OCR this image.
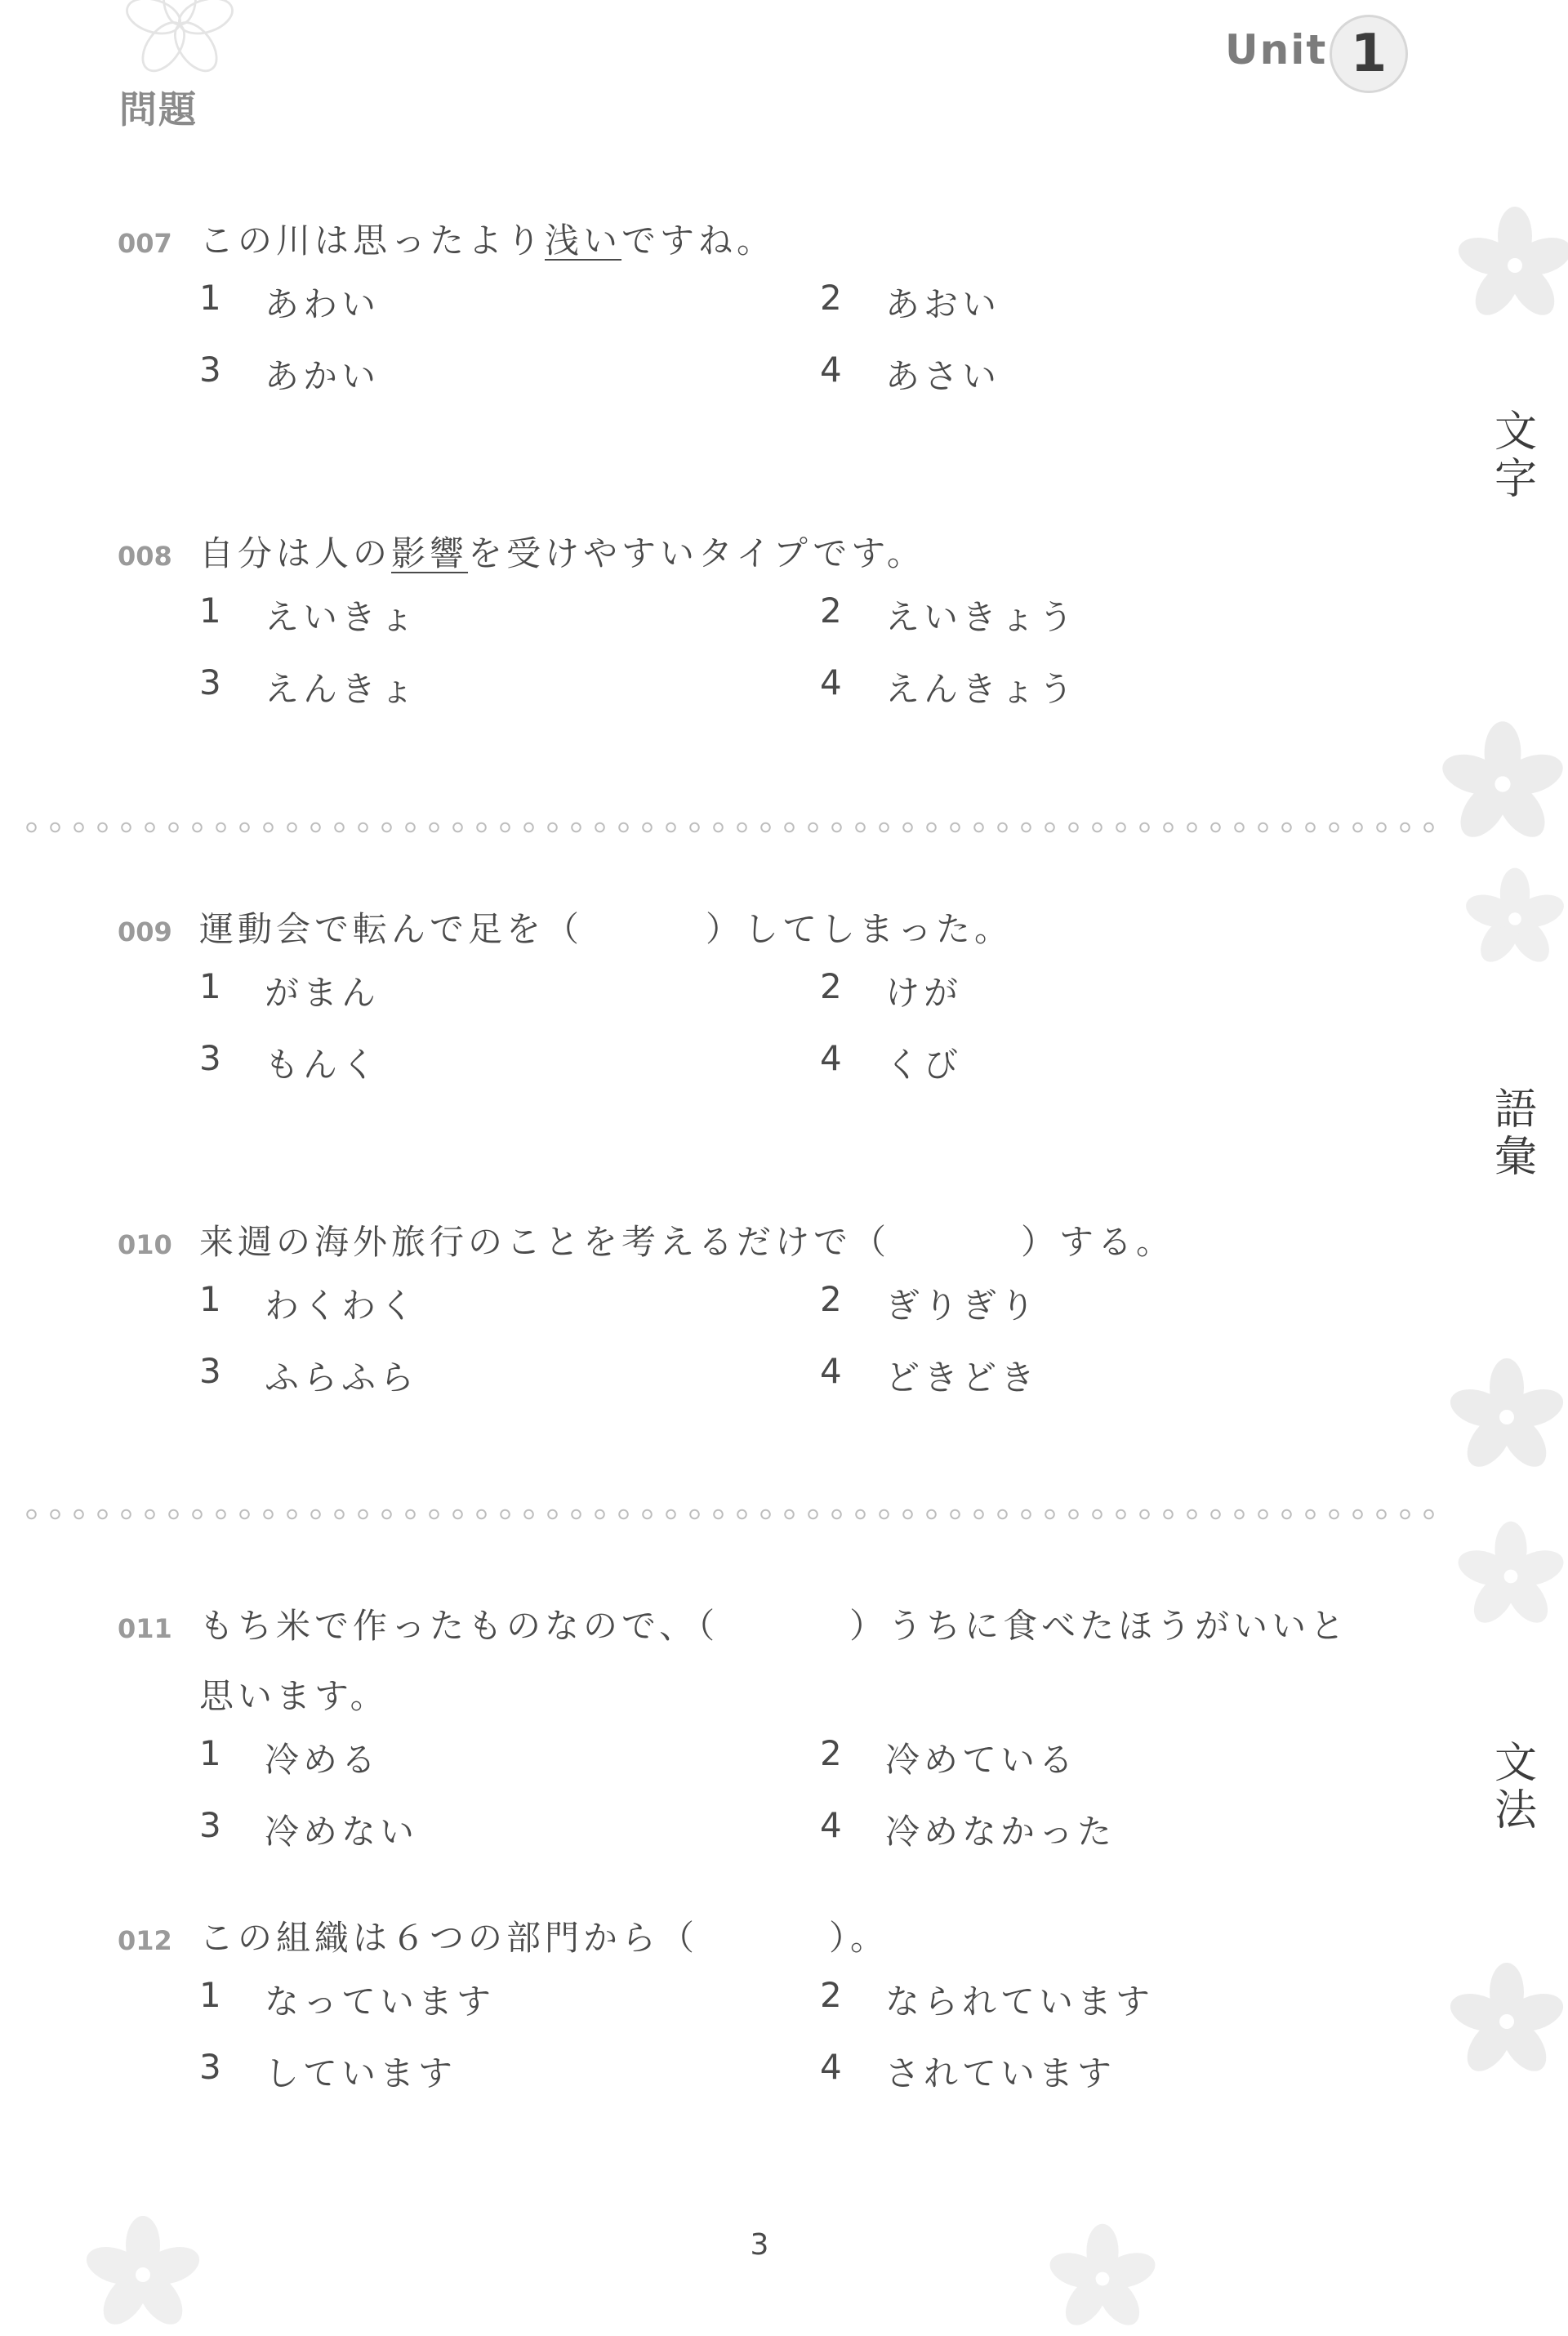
Unit 1
問題
文字
語彙
文法
007 この川は思ったより浅いですね。
1	あわい	2	あおい
3	あかい	4	あさい
008 自分は人の影響を受けやすいタイプです。
1	えいきょ	2	えいきょう
3	えんきょ	4	えんきょう
009 運動会で転んで足を（	）してしまった。
1	がまん	2	けが
3	もんく	4	くび
010 来週の海外旅行のことを考えるだけで（	）する。
1	わくわく	2	ぎりぎり
3	ふらふら	4	どきどき
011 もち米で作ったものなので、（	）うちに食べたほうがいいと
思います。
1	冷める	2	冷めている
3	冷めない	4	冷めなかった
012 この組織は６つの部門から（	）。
1	なっています	2	なられています
3	しています	4	されています
3
